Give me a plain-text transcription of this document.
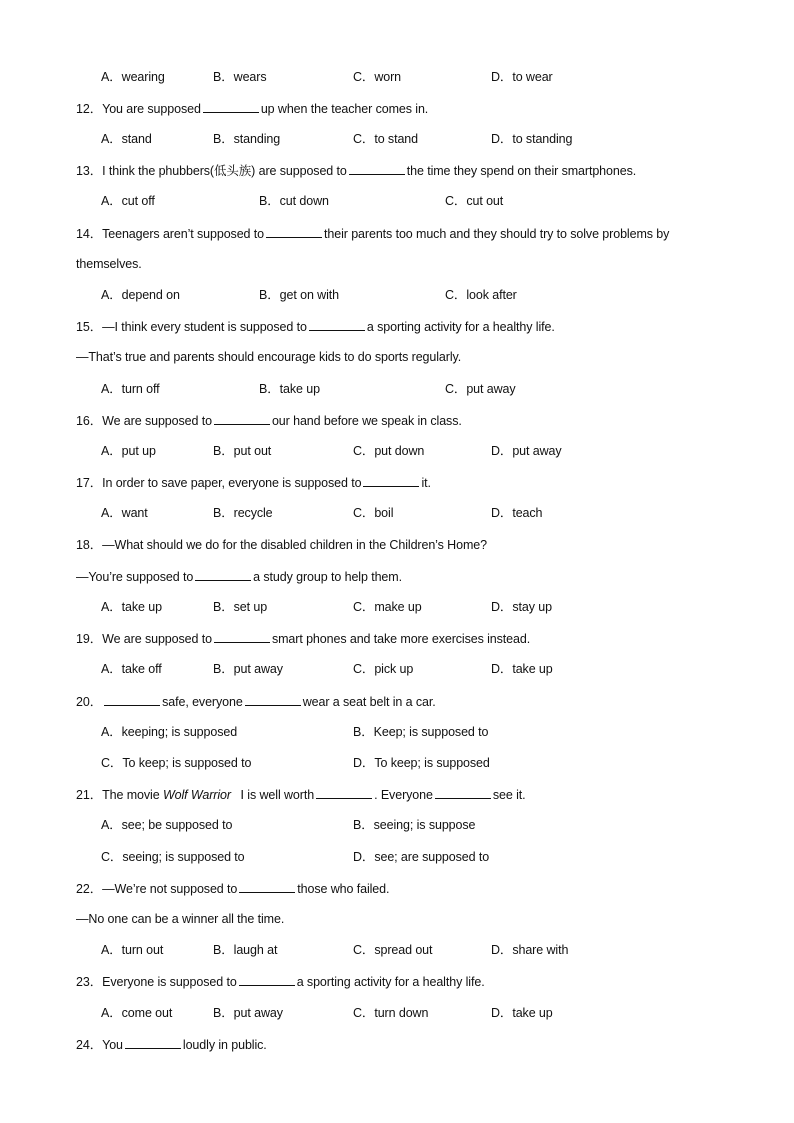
A．wearing	B．wears	C．worn	D．to wear
12．You are supposed	up when the teacher comes in.
A．stand	B．standing	C．to stand	D．to standing
13．I think the phubbers(低头族) are supposed to	the time they spend on their smartphones.
A．cut off	B．cut down	C．cut out
14．Teenagers aren’t supposed to	their parents too much and they should try to solve problems by
themselves.
A．depend on	B．get on with	C．look after
15．—I think every student is supposed to	a sporting activity for a healthy life.
—That’s true and parents should encourage kids to do sports regularly.
A．turn off	B．take up	C．put away
16．We are supposed to	our hand before we speak in class.
A．put up	B．put out	C．put down	D．put away
17．In order to save paper, everyone is supposed to	it.
A．want	B．recycle	C．boil	D．teach
18．—What should we do for the disabled children in the Children’s Home?
—You’re supposed to	a study group to help them.
A．take up	B．set up	C．make up	D．stay up
19．We are supposed to	smart phones and take more exercises instead.
A．take off	B．put away	C．pick up	D．take up
20．	safe, everyone	wear a seat belt in a car.
A．keeping; is supposed	B．Keep; is supposed to
C．To keep; is supposed to	D．To keep; is supposed
21．The movie Wolf Warrior Ⅰ is well worth	. Everyone	see it.
A．see; be supposed to	B．seeing; is suppose
C．seeing; is supposed to	D．see; are supposed to
22．—We’re not supposed to	those who failed.
—No one can be a winner all the time.
A．turn out	B．laugh at	C．spread out	D．share with
23．Everyone is supposed to	a sporting activity for a healthy life.
A．come out	B．put away	C．turn down	D．take up
24．You	loudly in public.
